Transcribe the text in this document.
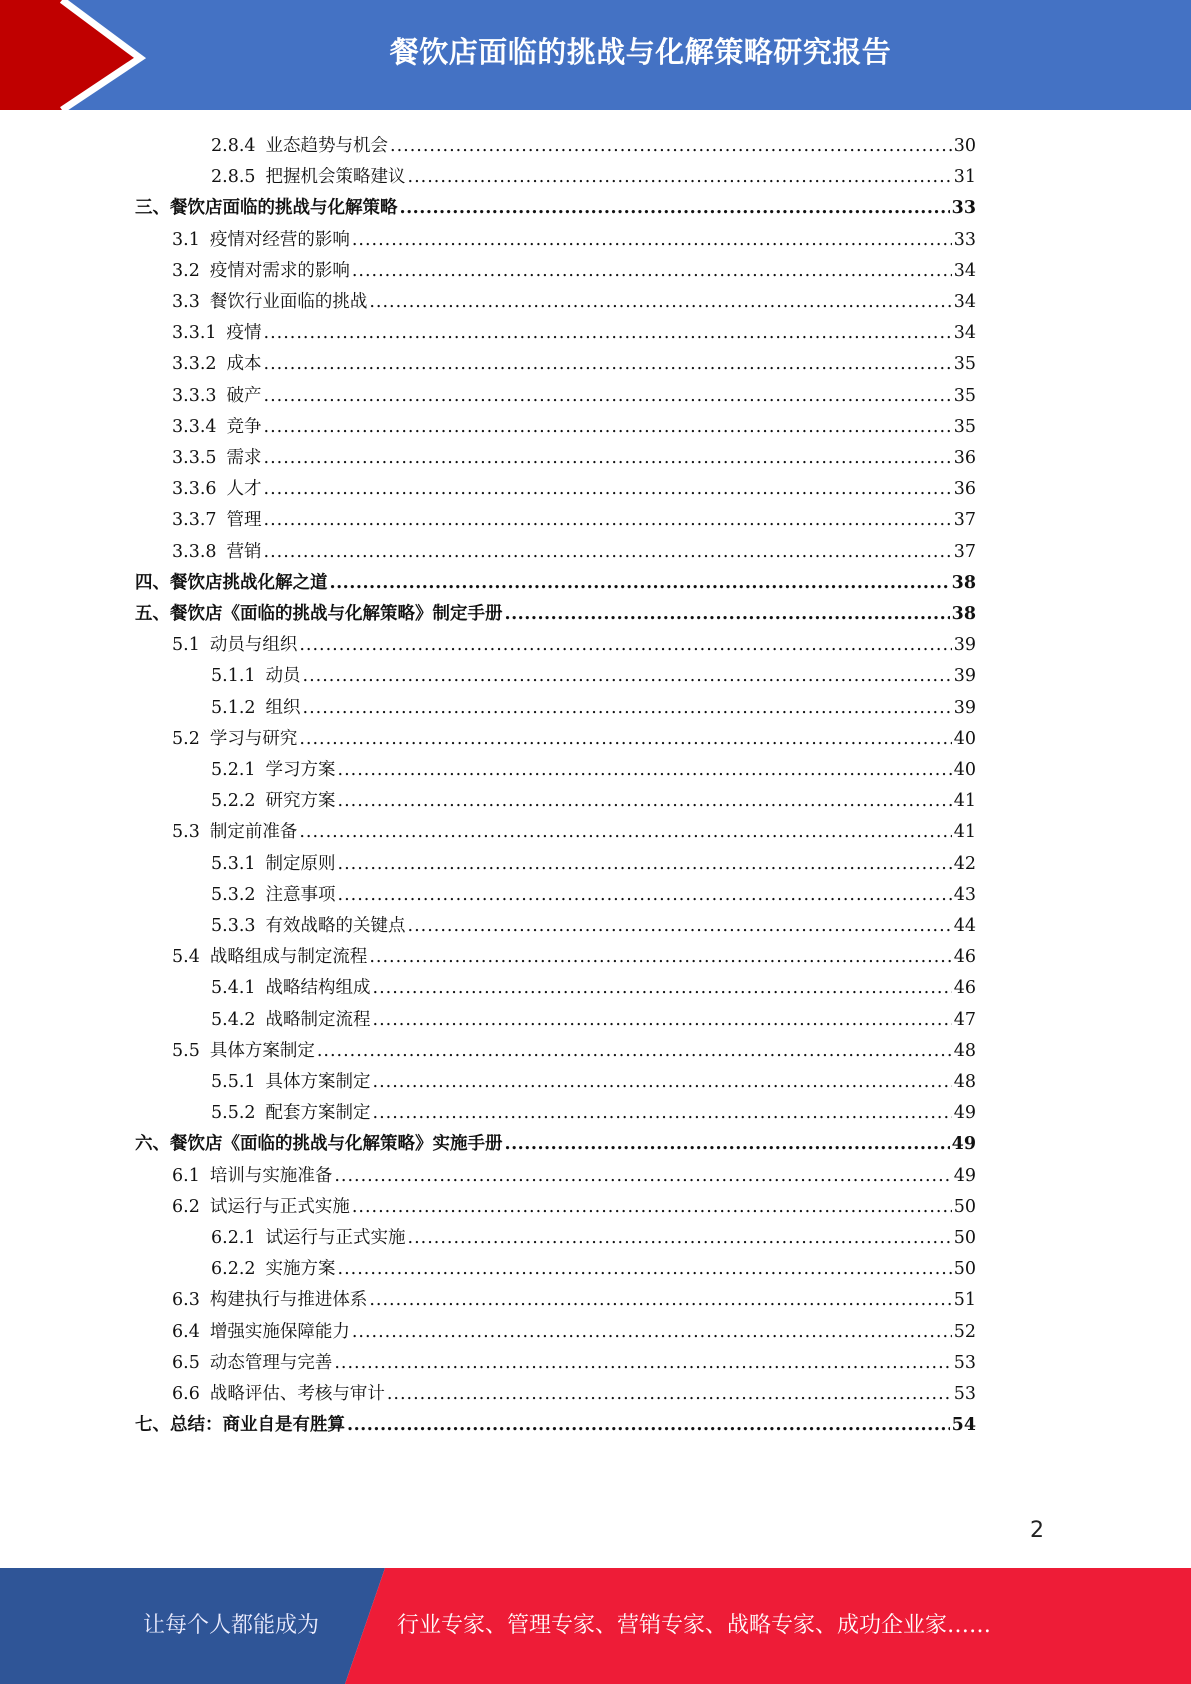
餐饮店面临的挑战与化解策略研究报告
2.8.4 业态趋势与机会 .....	30
2.8.5 把握机会策略建议 .....	31
三、 餐饮店面临的挑战与化解策略 .....	33
3.1 疫情对经营的影响 .....	33
3.2 疫情对需求的影响 .....	34
3.3 餐饮行业面临的挑战 .....	34
3.3.1 疫情 .....	34
3.3.2 成本 .....	35
3.3.3 破产 .....	35
3.3.4 竞争 .....	35
3.3.5 需求 .....	36
3.3.6 人才 .....	36
3.3.7 管理 .....	37
3.3.8 营销 .....	37
四、 餐饮店挑战化解之道 .....	38
五、 餐饮店《面临的挑战与化解策略》制定手册 .....	38
5.1 动员与组织 .....	39
5.1.1 动员 .....	39
5.1.2 组织 .....	39
5.2 学习与研究 .....	40
5.2.1 学习方案 .....	40
5.2.2 研究方案 .....	41
5.3 制定前准备 .....	41
5.3.1 制定原则 .....	42
5.3.2 注意事项 .....	43
5.3.3 有效战略的关键点 .....	44
5.4 战略组成与制定流程 .....	46
5.4.1 战略结构组成 .....	46
5.4.2 战略制定流程 .....	47
5.5 具体方案制定 .....	48
5.5.1 具体方案制定 .....	48
5.5.2 配套方案制定 .....	49
六、 餐饮店《面临的挑战与化解策略》实施手册 .....	49
6.1 培训与实施准备 .....	49
6.2 试运行与正式实施 .....	50
6.2.1 试运行与正式实施 .....	50
6.2.2 实施方案 .....	50
6.3 构建执行与推进体系 .....	51
6.4 增强实施保障能力 .....	52
6.5 动态管理与完善 .....	53
6.6 战略评估、考核与审计 .....	53
七、 总结：商业自是有胜算 .....	54
2
让每个人都能成为	行业专家、管理专家、营销专家、战略专家、成功企业家……
